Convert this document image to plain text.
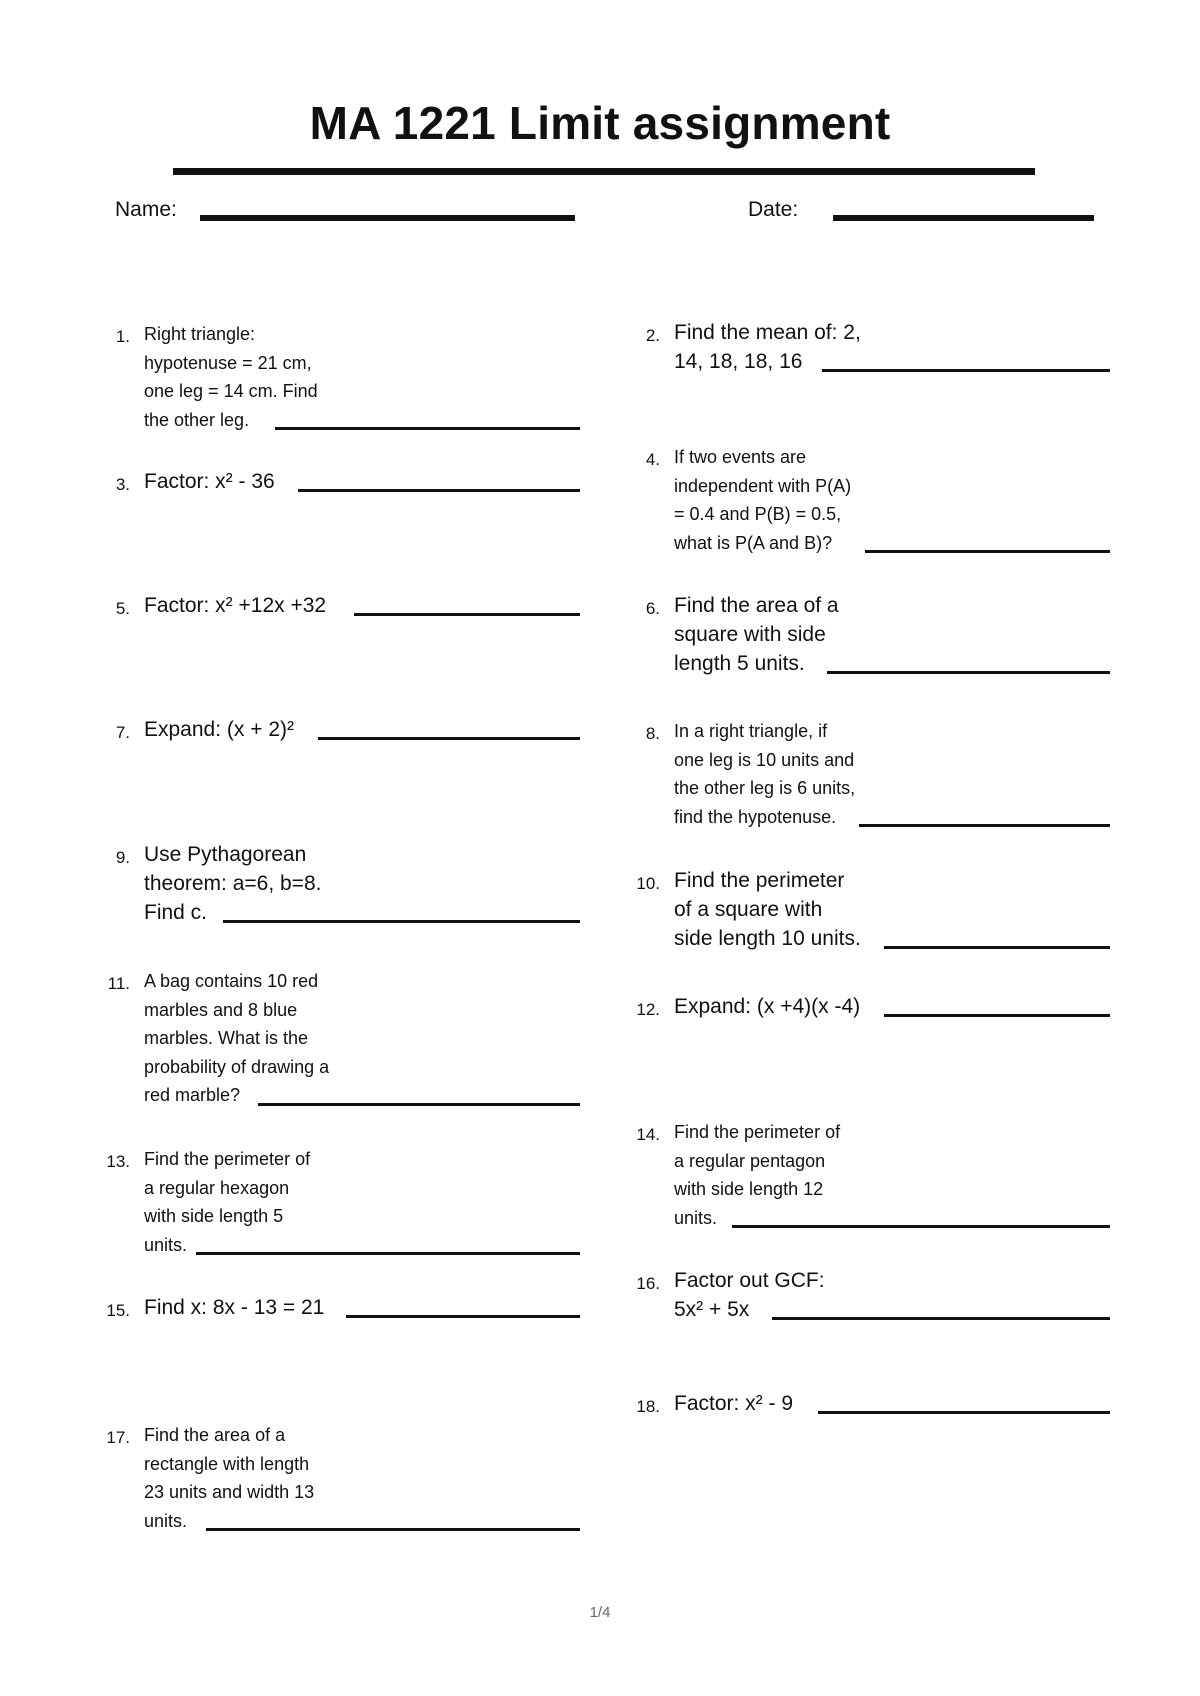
MA 1221 Limit assignment
Name:	Date:
1. Right triangle:
hypotenuse = 21 cm,
one leg = 14 cm. Find
the other leg.
2. Find the mean of: 2,
14, 18, 18, 16
3. Factor: x² - 36
4. If two events are
independent with P(A)
= 0.4 and P(B) = 0.5,
what is P(A and B)?
5. Factor: x² +12x +32	6. Find the area of a
square with side
length 5 units.
7. Expand: (x + 2)²	8. In a right triangle, if
one leg is 10 units and
the other leg is 6 units,
find the hypotenuse.
9. Use Pythagorean
theorem: a=6, b=8.
Find c.
10. Find the perimeter
of a square with
side length 10 units.
11. A bag contains 10 red
marbles and 8 blue
marbles. What is the
probability of drawing a
red marble?
12. Expand: (x +4)(x -4)
13. Find the perimeter of
a regular hexagon
with side length 5
units.
14. Find the perimeter of
a regular pentagon
with side length 12
units.
15. Find x: 8x - 13 = 21
16. Factor out GCF:
5x² + 5x
17. Find the area of a
rectangle with length
23 units and width 13
units.
18. Factor: x² - 9
1/4
